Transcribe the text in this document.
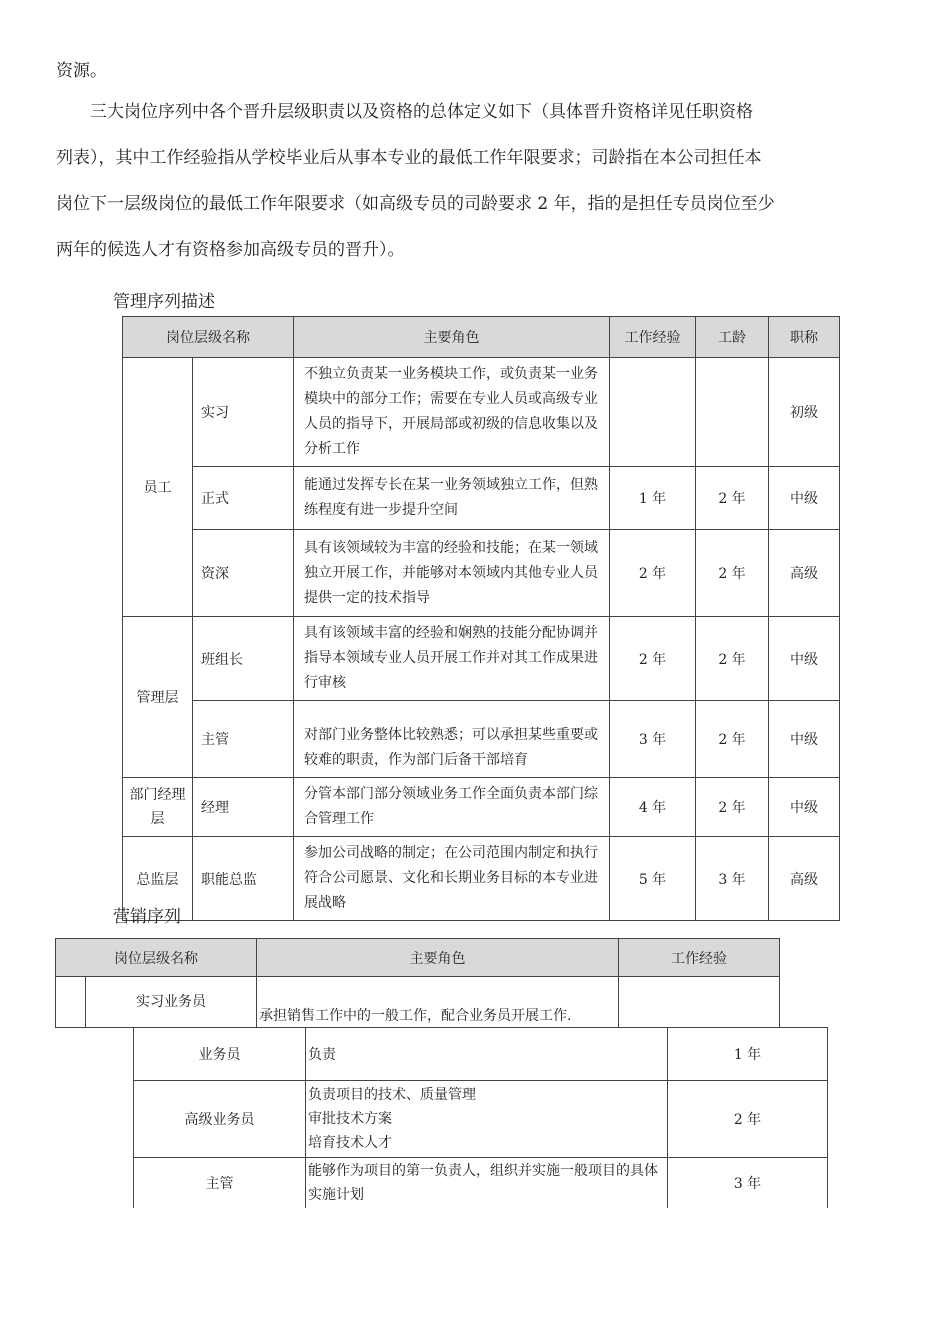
资源。
三大岗位序列中各个晋升层级职责以及资格的总体定义如下（具体晋升资格详见任职资格
列表），其中工作经验指从学校毕业后从事本专业的最低工作年限要求；司龄指在本公司担任本
岗位下一层级岗位的最低工作年限要求（如高级专员的司龄要求 2 年，指的是担任专员岗位至少
两年的候选人才有资格参加高级专员的晋升）。
管理序列描述
岗位层级名称		主要角色	工作经验	工龄	职称
员工	实习	不独立负责某一业务模块工作，或负责某一业务模块中的部分工作；需要在专业人员或高级专业人员的指导下，开展局部或初级的信息收集以及分析工作			初级
	正式	能通过发挥专长在某一业务领域独立工作，但熟练程度有进一步提升空间	1 年	2 年	中级
	资深	具有该领域较为丰富的经验和技能；在某一领域独立开展工作，并能够对本领域内其他专业人员提供一定的技术指导	2 年	2 年	高级
管理层	班组长	具有该领域丰富的经验和娴熟的技能分配协调并指导本领域专业人员开展工作并对其工作成果进行审核	2 年	2 年	中级
	主管	对部门业务整体比较熟悉；可以承担某些重要或较难的职责，作为部门后备干部培育	3 年	2 年	中级
部门经理层	经理	分管本部门部分领域业务工作全面负责本部门综合管理工作	4 年	2 年	中级
总监层	职能总监	参加公司战略的制定；在公司范围内制定和执行符合公司愿景、文化和长期业务目标的本专业进展战略	5 年	3 年	高级
营销序列
岗位层级名称		主要角色	工作经验
	实习业务员	承担销售工作中的一般工作，配合业务员开展工作.	
业务员	负责	1 年
高级业务员	负责项目的技术、质量管理
审批技术方案
培育技术人才	2 年
主管	能够作为项目的第一负责人，组织并实施一般项目的具体实施计划	3 年
